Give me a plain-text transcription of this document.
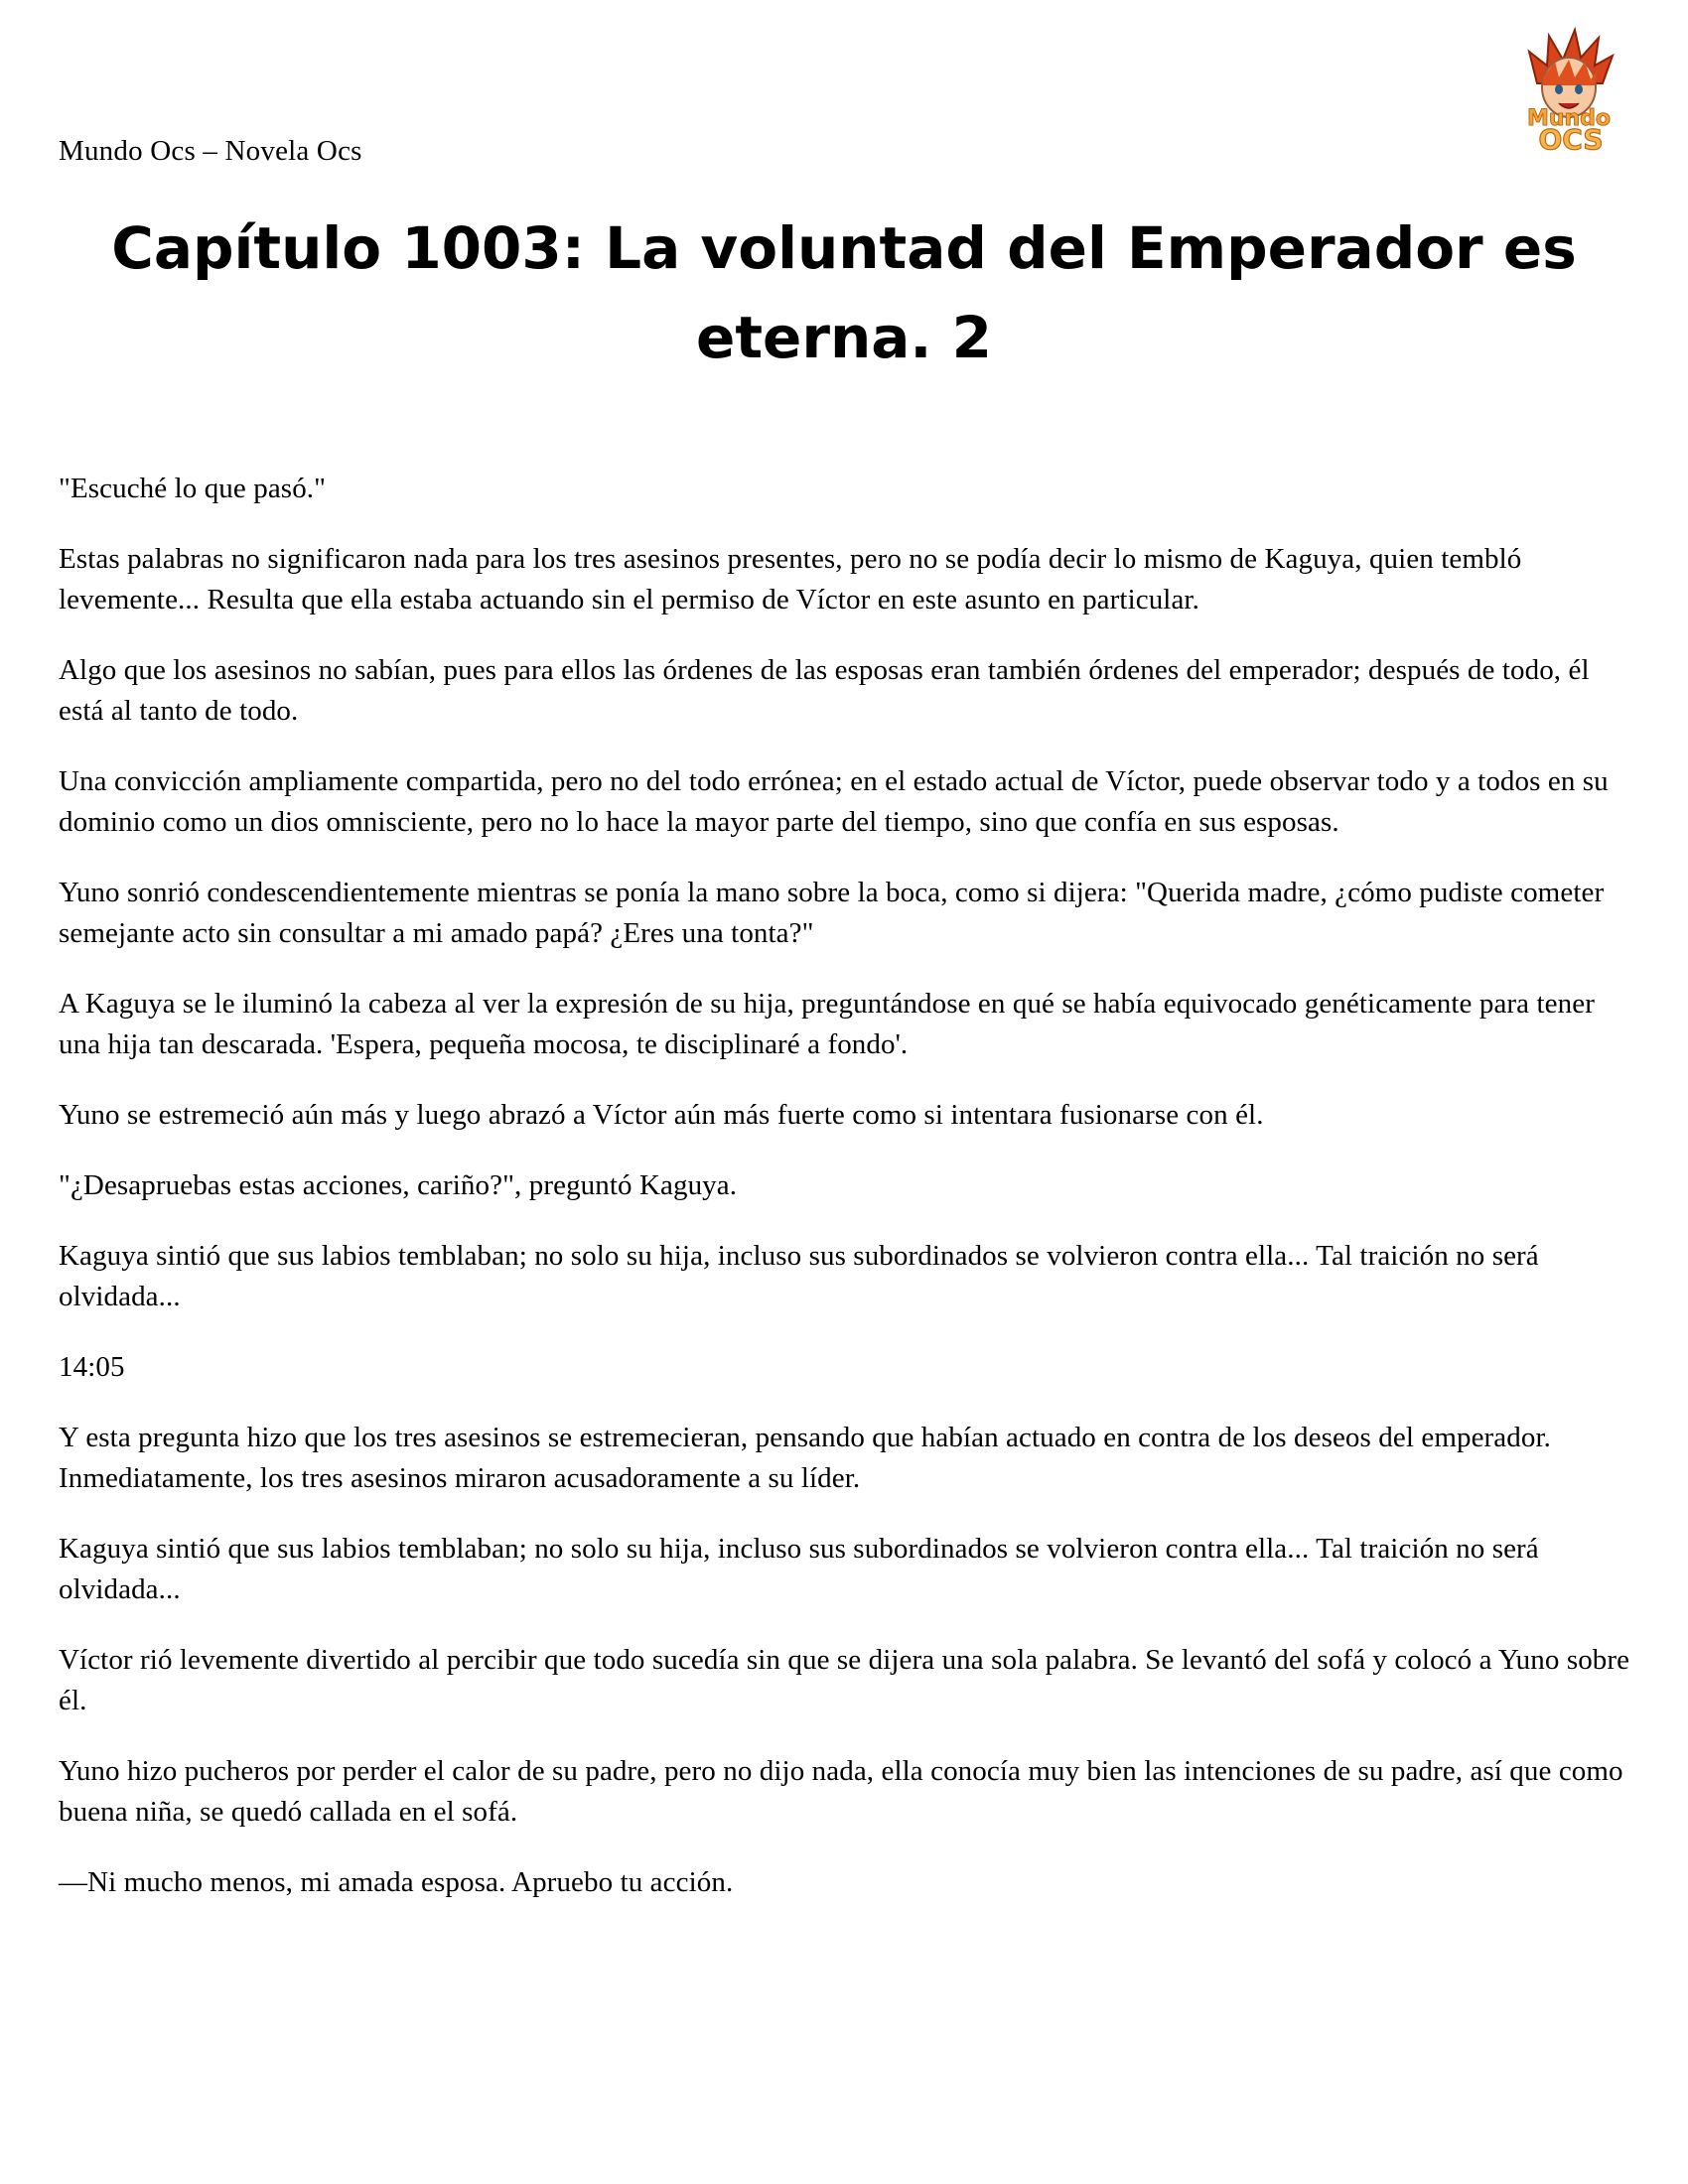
Mundo Ocs – Novela Ocs
Mundo
OCS
Capítulo 1003: La voluntad del Emperador es eterna. 2

"Escuché lo que pasó."

Estas palabras no significaron nada para los tres asesinos presentes, pero no se podía decir lo mismo de Kaguya, quien tembló levemente... Resulta que ella estaba actuando sin el permiso de Víctor en este asunto en particular.

Algo que los asesinos no sabían, pues para ellos las órdenes de las esposas eran también órdenes del emperador; después de todo, él está al tanto de todo.

Una convicción ampliamente compartida, pero no del todo errónea; en el estado actual de Víctor, puede observar todo y a todos en su dominio como un dios omnisciente, pero no lo hace la mayor parte del tiempo, sino que confía en sus esposas.

Yuno sonrió condescendientemente mientras se ponía la mano sobre la boca, como si dijera: "Querida madre, ¿cómo pudiste cometer semejante acto sin consultar a mi amado papá? ¿Eres una tonta?"

A Kaguya se le iluminó la cabeza al ver la expresión de su hija, preguntándose en qué se había equivocado genéticamente para tener una hija tan descarada. 'Espera, pequeña mocosa, te disciplinaré a fondo'.

Yuno se estremeció aún más y luego abrazó a Víctor aún más fuerte como si intentara fusionarse con él.

"¿Desapruebas estas acciones, cariño?", preguntó Kaguya.

Kaguya sintió que sus labios temblaban; no solo su hija, incluso sus subordinados se volvieron contra ella... Tal traición no será olvidada...

14:05

Y esta pregunta hizo que los tres asesinos se estremecieran, pensando que habían actuado en contra de los deseos del emperador. Inmediatamente, los tres asesinos miraron acusadoramente a su líder.

Kaguya sintió que sus labios temblaban; no solo su hija, incluso sus subordinados se volvieron contra ella... Tal traición no será olvidada...

Víctor rió levemente divertido al percibir que todo sucedía sin que se dijera una sola palabra. Se levantó del sofá y colocó a Yuno sobre él.

Yuno hizo pucheros por perder el calor de su padre, pero no dijo nada, ella conocía muy bien las intenciones de su padre, así que como buena niña, se quedó callada en el sofá.

—Ni mucho menos, mi amada esposa. Apruebo tu acción.
